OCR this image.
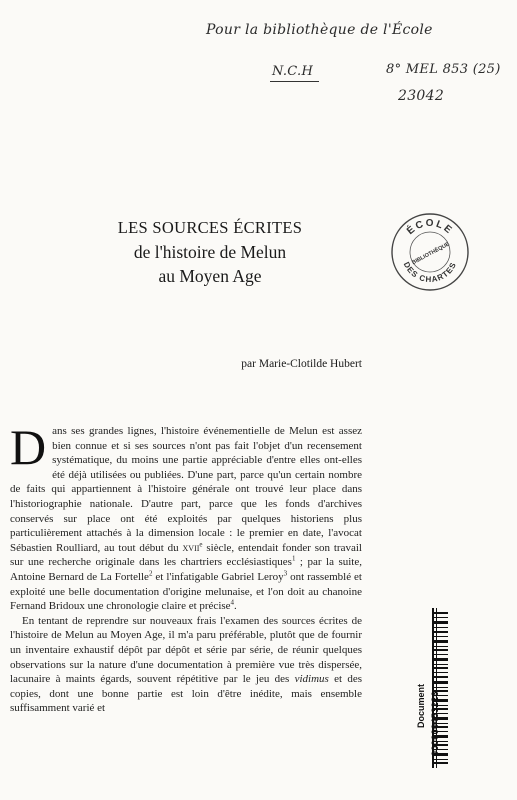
Pour la bibliothèque de l'École
N.C.H	8° MEL 853 (25)
23042
LES SOURCES ÉCRITES
de l'histoire de Melun
au Moyen Age
ÉCOLE
BIBLIOTHÈQUE
DES CHARTES
par Marie-Clotilde Hubert

Dans ses grandes lignes, l'histoire événementielle de Melun est assez bien connue et si ses sources n'ont pas fait l'objet d'un recensement systématique, du moins une partie appréciable d'entre elles ont-elles été déjà utilisées ou publiées. D'une part, parce qu'un certain nombre de faits qui appartiennent à l'histoire générale ont trouvé leur place dans l'historiographie nationale. D'autre part, parce que les fonds d'archives conservés sur place ont été exploités par quelques historiens plus particulièrement attachés à la dimension locale : le premier en date, l'avocat Sébastien Roulliard, au tout début du xvii$^e$ siècle, entendait fonder son travail sur une recherche originale dans les chartriers ecclésiastiques$^1$ ; par la suite, Antoine Bernard de La Fortelle$^2$ et l'infatigable Gabriel Leroy$^3$ ont rassemblé et exploité une belle documentation d'origine melunaise, et l'on doit au chanoine Fernand Bridoux une chronologie claire et précise$^4$.

En tentant de reprendre sur nouveaux frais l'examen des sources écrites de l'histoire de Melun au Moyen Age, il m'a paru préférable, plutôt que de fournir un inventaire exhaustif dépôt par dépôt et série par série, de réunir quelques observations sur la nature d'une documentation à première vue très dispersée, lacunaire à maints égards, souvent répétitive par le jeu des vidimus et des copies, dont une bonne partie est loin d'être inédite, mais ensemble suffisamment varié et	Document 000000453226
